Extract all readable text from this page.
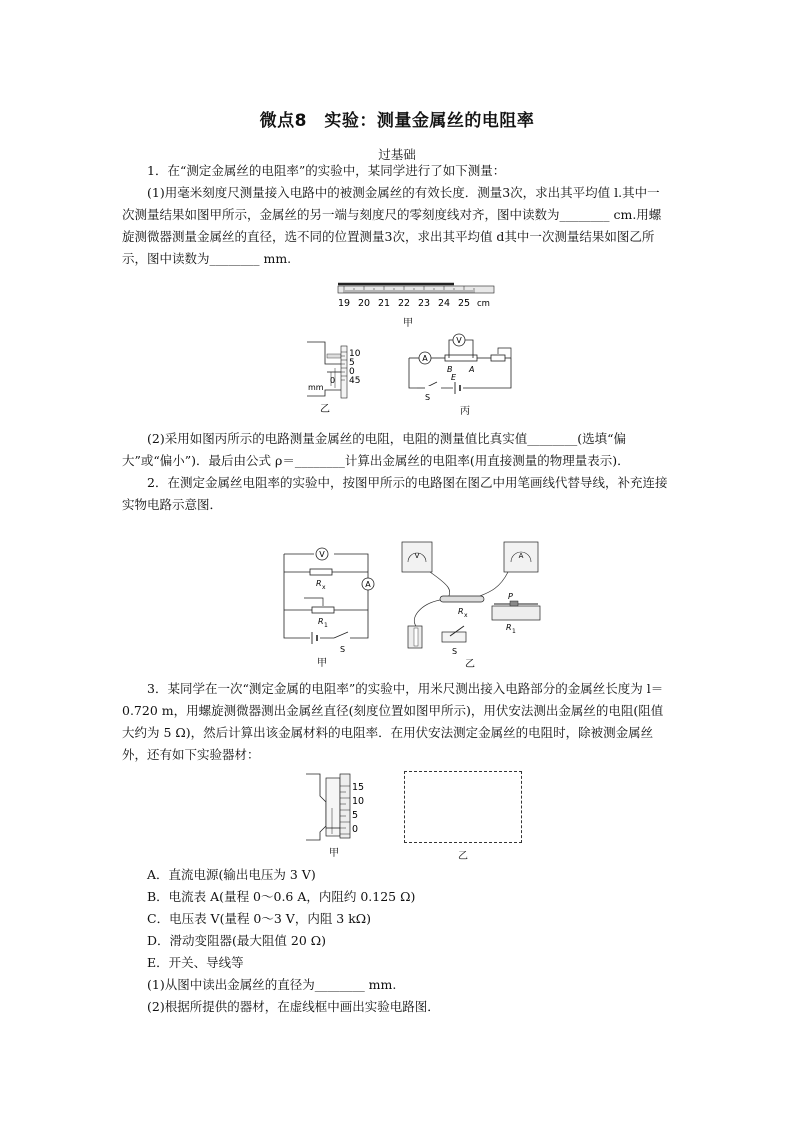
微点8　实验：测量金属丝的电阻率
过基础

1．在“测定金属丝的电阻率”的实验中，某同学进行了如下测量：

(1)用毫米刻度尺测量接入电路中的被测金属丝的有效长度．测量3次，求出其平均值 l.其中一次测量结果如图甲所示，金属丝的另一端与刻度尺的零刻度线对齐，图中读数为________ cm.用螺旋测微器测量金属丝的直径，选不同的位置测量3次，求出其平均值 d其中一次测量结果如图乙所示，图中读数为________ mm.

19 20 21 22 23 24 25 cm
甲
10
5
0
45
mm
0
乙
A
V
B A
S
E
丙

(2)采用如图丙所示的电路测量金属丝的电阻，电阻的测量值比真实值________(选填“偏大”或“偏小”)．最后由公式 ρ＝________计算出金属丝的电阻率(用直接测量的物理量表示)．

2．在测定金属丝电阻率的实验中，按图甲所示的电路图在图乙中用笔画线代替导线，补充连接实物电路示意图．

V
R x	A
R 1
S
甲
V	A
R x
P
R 1
S
乙

3．某同学在一次“测定金属的电阻率”的实验中，用米尺测出接入电路部分的金属丝长度为 l＝0.720 m，用螺旋测微器测出金属丝直径(刻度位置如图甲所示)，用伏安法测出金属丝的电阻(阻值大约为 5 Ω)，然后计算出该金属材料的电阻率．在用伏安法测定金属丝的电阻时，除被测金属丝外，还有如下实验器材：

15
10
5
0
甲	乙

A．直流电源(输出电压为 3 V)

B．电流表 A(量程 0～0.6 A，内阻约 0.125 Ω)

C．电压表 V(量程 0～3 V，内阻 3 kΩ)

D．滑动变阻器(最大阻值 20 Ω)

E．开关、导线等

(1)从图中读出金属丝的直径为________ mm.

(2)根据所提供的器材，在虚线框中画出实验电路图．
